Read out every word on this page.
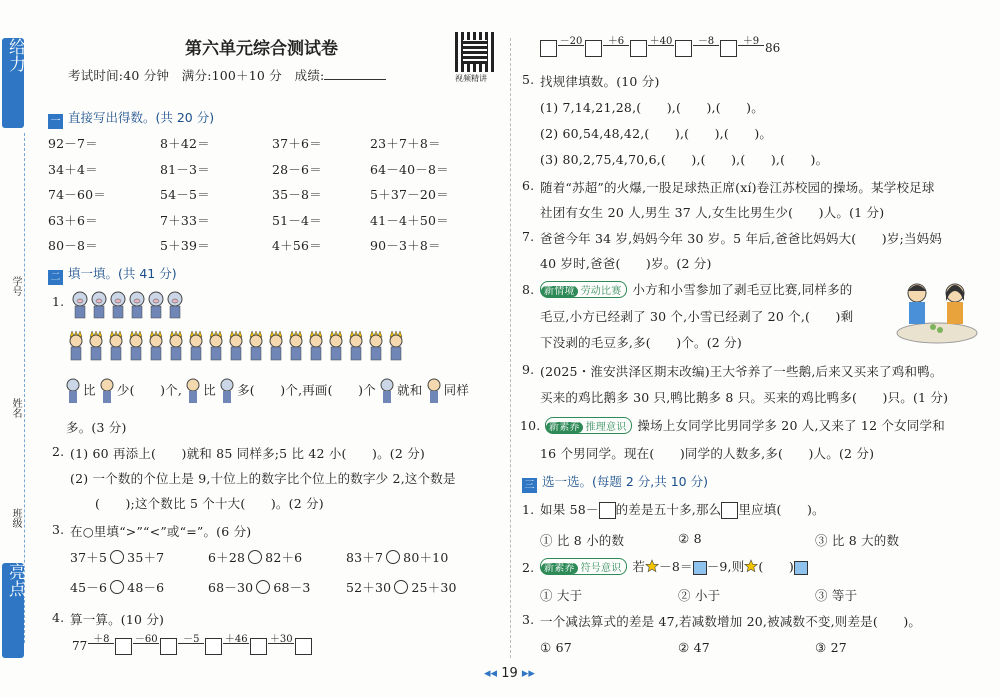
给力
学号
姓名
班级
亮点
第六单元综合测试卷
考试时间:40 分钟　满分:100＋10 分　成绩:	视频精讲
一 直接写出得数。(共 20 分)
二 填一填。(共 41 分)
1.
比 少(　　)个, 比 多(　　)个,再画(　　)个 就和 同样
多。(3 分)
2. (1) 60 再添上(　　)就和 85 同样多;5 比 42 小(　　)。(2 分)
(2) 一个数的个位上是 9,十位上的数字比个位上的数字少 2,这个数是
(　　);这个数比 5 个十大(　　)。(2 分)
3. 在○里填“>”“<”或“=”。(6 分)
4. 算一算。(10 分)
77 ＋8	－60	－5	＋46 ＋30
－20	＋6	＋40	－8	＋9 86
5. 找规律填数。(10 分)
(1) 7,14,21,28,(　　),(　　),(　　)。
(2) 60,54,48,42,(　　),(　　),(　　)。
(3) 80,2,75,4,70,6,(　　),(　　),(　　),(　　)。
6. 随着“苏超”的火爆,一股足球热正席(xí)卷江苏校园的操场。某学校足球
社团有女生 20 人,男生 37 人,女生比男生少(　　)人。(1 分)
7. 爸爸今年 34 岁,妈妈今年 30 岁。5 年后,爸爸比妈妈大(　　)岁;当妈妈
40 岁时,爸爸(　　)岁。(2 分)
8. 新情境 劳动比赛 小方和小雪参加了剥毛豆比赛,同样多的
毛豆,小方已经剥了 30 个,小雪已经剥了 20 个,(　　)剩
下没剥的毛豆多,多(　　)个。(2 分)
9. (2025・淮安洪泽区期末改编)王大爷养了一些鹅,后来又买来了鸡和鸭。
买来的鸡比鹅多 30 只,鸭比鹅多 8 只。买来的鸡比鸭多(　　)只。(1 分)
10. 新素养 推理意识 操场上女同学比男同学多 20 人,又来了 12 个女同学和
16 个男同学。现在(　　)同学的人数多,多(　　)人。(2 分)
三 选一选。(每题 2 分,共 10 分)
1. 如果 58－ 的差是五十多,那么 里应填(　　)。
① 比 8 小的数	② 8	③ 比 8 大的数
2. 新素养 符号意识 若 －8＝ －9,则 (　　)
① 大于	② 小于	③ 等于
3. 一个减法算式的差是 47,若减数增加 20,被减数不变,则差是(　　)。
① 67	② 47	③ 27
◂◂ 19 ▸▸
92－7＝	8＋42＝	37＋6＝	23＋7＋8＝
34＋4＝	81－3＝	28－6＝	64－40－8＝
74－60＝	54－5＝	35－8＝	5＋37－20＝
63＋6＝	7＋33＝	51－4＝	41－4＋50＝
80－8＝	5＋39＝	4＋56＝	90－3＋8＝
37＋5 35＋7	6＋28 82＋6	83＋7 80＋10
45－6 48－6	68－30 68－3	52＋30 25＋30
